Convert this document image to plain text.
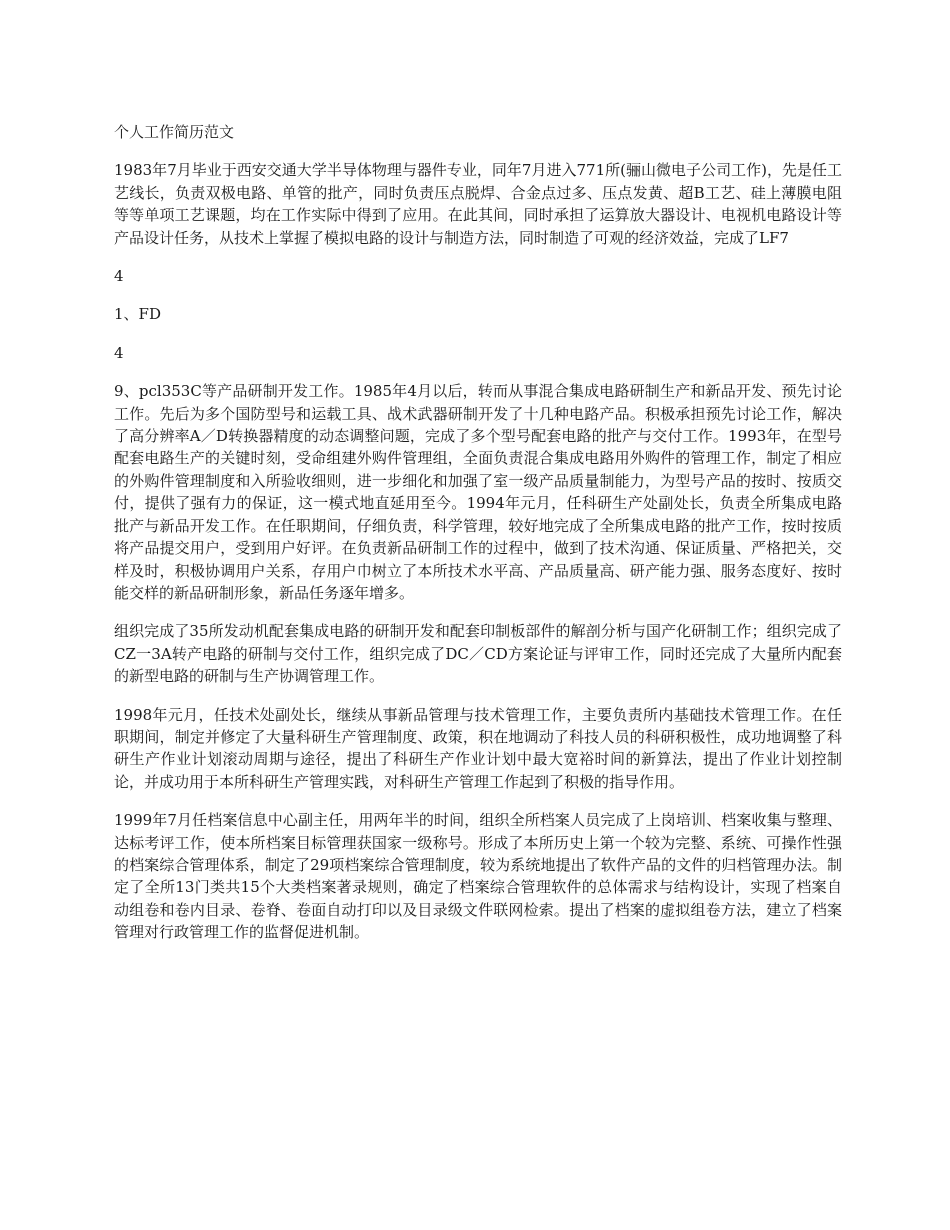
个人工作简历范文

1983年7月毕业于西安交通大学半导体物理与器件专业，同年7月进入771所(骊山微电子公司工作)，先是任工艺线长，负责双极电路、单管的批产，同时负责压点脱焊、合金点过多、压点发黄、超B工艺、硅上薄膜电阻等等单项工艺课题，均在工作实际中得到了应用。在此其间，同时承担了运算放大器设计、电视机电路设计等产品设计任务，从技术上掌握了模拟电路的设计与制造方法，同时制造了可观的经济效益，完成了LF7

4

1、FD

4

9、pcl353C等产品研制开发工作。1985年4月以后，转而从事混合集成电路研制生产和新品开发、预先讨论工作。先后为多个国防型号和运载工具、战术武器研制开发了十几种电路产品。积极承担预先讨论工作，解决了高分辨率A／D转换器精度的动态调整问题，完成了多个型号配套电路的批产与交付工作。1993年，在型号配套电路生产的关键时刻，受命组建外购件管理组，全面负责混合集成电路用外购件的管理工作，制定了相应的外购件管理制度和入所验收细则，进一步细化和加强了室一级产品质量制能力，为型号产品的按时、按质交付，提供了强有力的保证，这一模式地直延用至今。1994年元月，任科研生产处副处长，负责全所集成电路批产与新品开发工作。在任职期间，仔细负责，科学管理，较好地完成了全所集成电路的批产工作，按时按质将产品提交用户，受到用户好评。在负责新品研制工作的过程中，做到了技术沟通、保证质量、严格把关，交样及时，积极协调用户关系，存用户巾树立了本所技术水平高、产品质量高、研产能力强、服务态度好、按时能交样的新品研制形象，新品任务逐年增多。

组织完成了35所发动机配套集成电路的研制开发和配套印制板部件的解剖分析与国产化研制工作；组织完成了CZ一3A转产电路的研制与交付工作，组织完成了DC／CD方案论证与评审工作，同时还完成了大量所内配套的新型电路的研制与生产协调管理工作。

1998年元月，任技术处副处长，继续从事新品管理与技术管理工作，主要负责所内基础技术管理工作。在任职期间，制定并修定了大量科研生产管理制度、政策，积在地调动了科技人员的科研积极性，成功地调整了科研生产作业计划滚动周期与途径，提出了科研生产作业计划中最大宽裕时间的新算法，提出了作业计划控制论，并成功用于本所科研生产管理实践，对科研生产管理工作起到了积极的指导作用。

1999年7月任档案信息中心副主任，用两年半的时间，组织全所档案人员完成了上岗培训、档案收集与整理、达标考评工作，使本所档案目标管理获国家一级称号。形成了本所历史上第一个较为完整、系统、可操作性强的档案综合管理体系，制定了29项档案综合管理制度，较为系统地提出了软件产品的文件的归档管理办法。制定了全所13门类共15个大类档案著录规则，确定了档案综合管理软件的总体需求与结构设计，实现了档案自动组卷和卷内目录、卷脊、卷面自动打印以及目录级文件联网检索。提出了档案的虚拟组卷方法，建立了档案管理对行政管理工作的监督促进机制。
